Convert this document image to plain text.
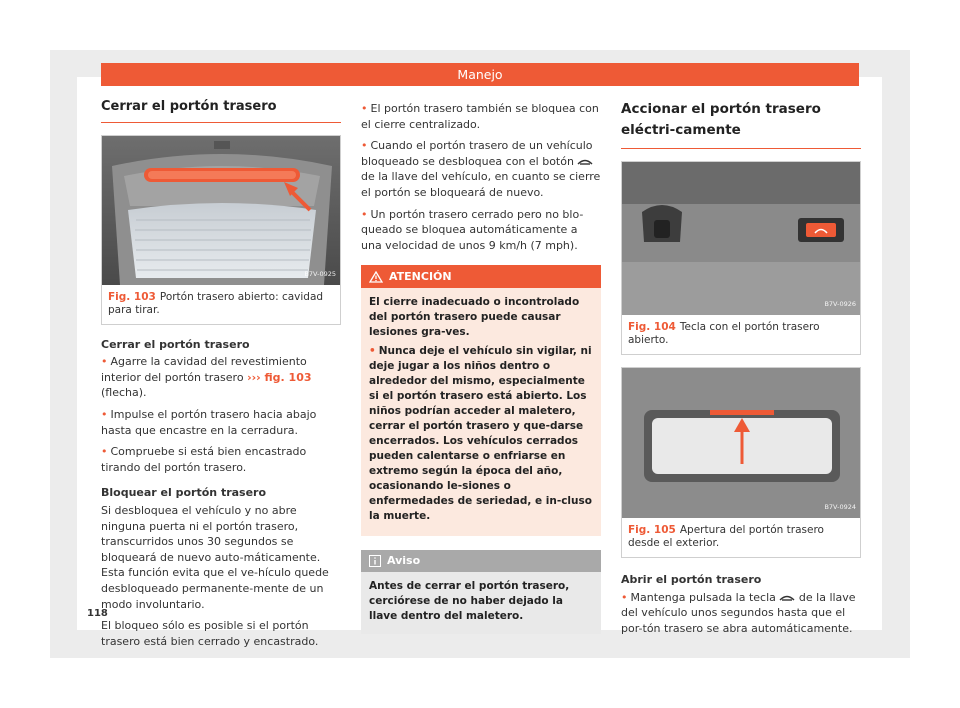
Manejo
Cerrar el portón trasero
B7V-0925
Fig. 103 Portón trasero abierto: cavidad para tirar.
Cerrar el portón trasero

• Agarre la cavidad del revestimiento interior del portón trasero ››› fig. 103 (flecha).

• Impulse el portón trasero hacia abajo hasta que encastre en la cerradura.

• Compruebe si está bien encastrado tirando del portón trasero.

Bloquear el portón trasero

Si desbloquea el vehículo y no abre ninguna puerta ni el portón trasero, transcurridos unos 30 segundos se bloqueará de nuevo auto-máticamente. Esta función evita que el ve-hículo quede desbloqueado permanente-mente de un modo involuntario.

El bloqueo sólo es posible si el portón trasero está bien cerrado y encastrado.

• El portón trasero también se bloquea con el cierre centralizado.

• Cuando el portón trasero de un vehículo bloqueado se desbloquea con el botón  de la llave del vehículo, en cuanto se cierre el portón se bloqueará de nuevo.

• Un portón trasero cerrado pero no blo-queado se bloquea automáticamente a una velocidad de unos 9 km/h (7 mph).

ATENCIÓN

El cierre inadecuado o incontrolado del portón trasero puede causar lesiones gra-ves.

• Nunca deje el vehículo sin vigilar, ni deje jugar a los niños dentro o alrededor del mismo, especialmente si el portón trasero está abierto. Los niños podrían acceder al maletero, cerrar el portón trasero y que-darse encerrados. Los vehículos cerrados pueden calentarse o enfriarse en extremo según la época del año, ocasionando le-siones o enfermedades de seriedad, e in-cluso la muerte.

Aviso
Antes de cerrar el portón trasero, cerciórese de no haber dejado la llave dentro del maletero.
Accionar el portón trasero eléctri-camente
B7V-0926
Fig. 104 Tecla con el portón trasero abierto.
B7V-0924
Fig. 105 Apertura del portón trasero desde el exterior.
Abrir el portón trasero

• Mantenga pulsada la tecla de la llave del vehículo unos segundos hasta que el por-tón trasero se abra automáticamente.

118
